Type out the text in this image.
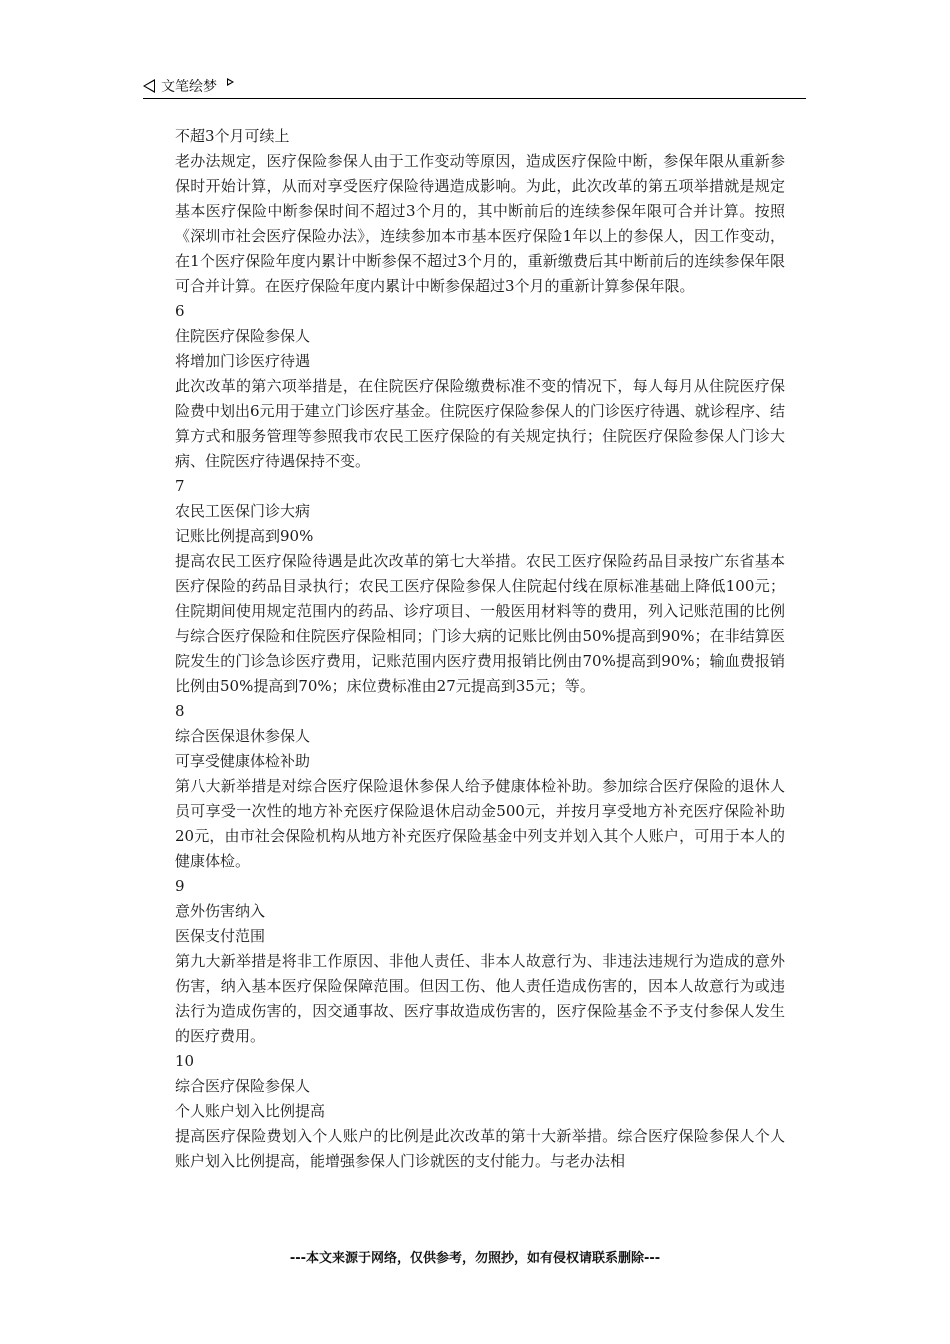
文笔绘梦

不超3个月可续上

老办法规定，医疗保险参保人由于工作变动等原因，造成医疗保险中断，参保年限从重新参保时开始计算，从而对享受医疗保险待遇造成影响。为此，此次改革的第五项举措就是规定基本医疗保险中断参保时间不超过3个月的，其中断前后的连续参保年限可合并计算。按照《深圳市社会医疗保险办法》，连续参加本市基本医疗保险1年以上的参保人，因工作变动，在1个医疗保险年度内累计中断参保不超过3个月的，重新缴费后其中断前后的连续参保年限可合并计算。在医疗保险年度内累计中断参保超过3个月的重新计算参保年限。

6

住院医疗保险参保人

将增加门诊医疗待遇

此次改革的第六项举措是，在住院医疗保险缴费标准不变的情况下，每人每月从住院医疗保险费中划出6元用于建立门诊医疗基金。住院医疗保险参保人的门诊医疗待遇、就诊程序、结算方式和服务管理等参照我市农民工医疗保险的有关规定执行；住院医疗保险参保人门诊大病、住院医疗待遇保持不变。

7

农民工医保门诊大病

记账比例提高到90%

提高农民工医疗保险待遇是此次改革的第七大举措。农民工医疗保险药品目录按广东省基本医疗保险的药品目录执行；农民工医疗保险参保人住院起付线在原标准基础上降低100元；住院期间使用规定范围内的药品、诊疗项目、一般医用材料等的费用，列入记账范围的比例与综合医疗保险和住院医疗保险相同；门诊大病的记账比例由50%提高到90%；在非结算医院发生的门诊急诊医疗费用，记账范围内医疗费用报销比例由70%提高到90%；输血费报销比例由50%提高到70%；床位费标准由27元提高到35元；等。

8

综合医保退休参保人

可享受健康体检补助

第八大新举措是对综合医疗保险退休参保人给予健康体检补助。参加综合医疗保险的退休人员可享受一次性的地方补充医疗保险退休启动金500元，并按月享受地方补充医疗保险补助20元，由市社会保险机构从地方补充医疗保险基金中列支并划入其个人账户，可用于本人的健康体检。

9

意外伤害纳入

医保支付范围

第九大新举措是将非工作原因、非他人责任、非本人故意行为、非违法违规行为造成的意外伤害，纳入基本医疗保险保障范围。但因工伤、他人责任造成伤害的，因本人故意行为或违法行为造成伤害的，因交通事故、医疗事故造成伤害的，医疗保险基金不予支付参保人发生的医疗费用。

10

综合医疗保险参保人

个人账户划入比例提高

提高医疗保险费划入个人账户的比例是此次改革的第十大新举措。综合医疗保险参保人个人账户划入比例提高，能增强参保人门诊就医的支付能力。与老办法相

---本文来源于网络，仅供参考，勿照抄，如有侵权请联系删除---
